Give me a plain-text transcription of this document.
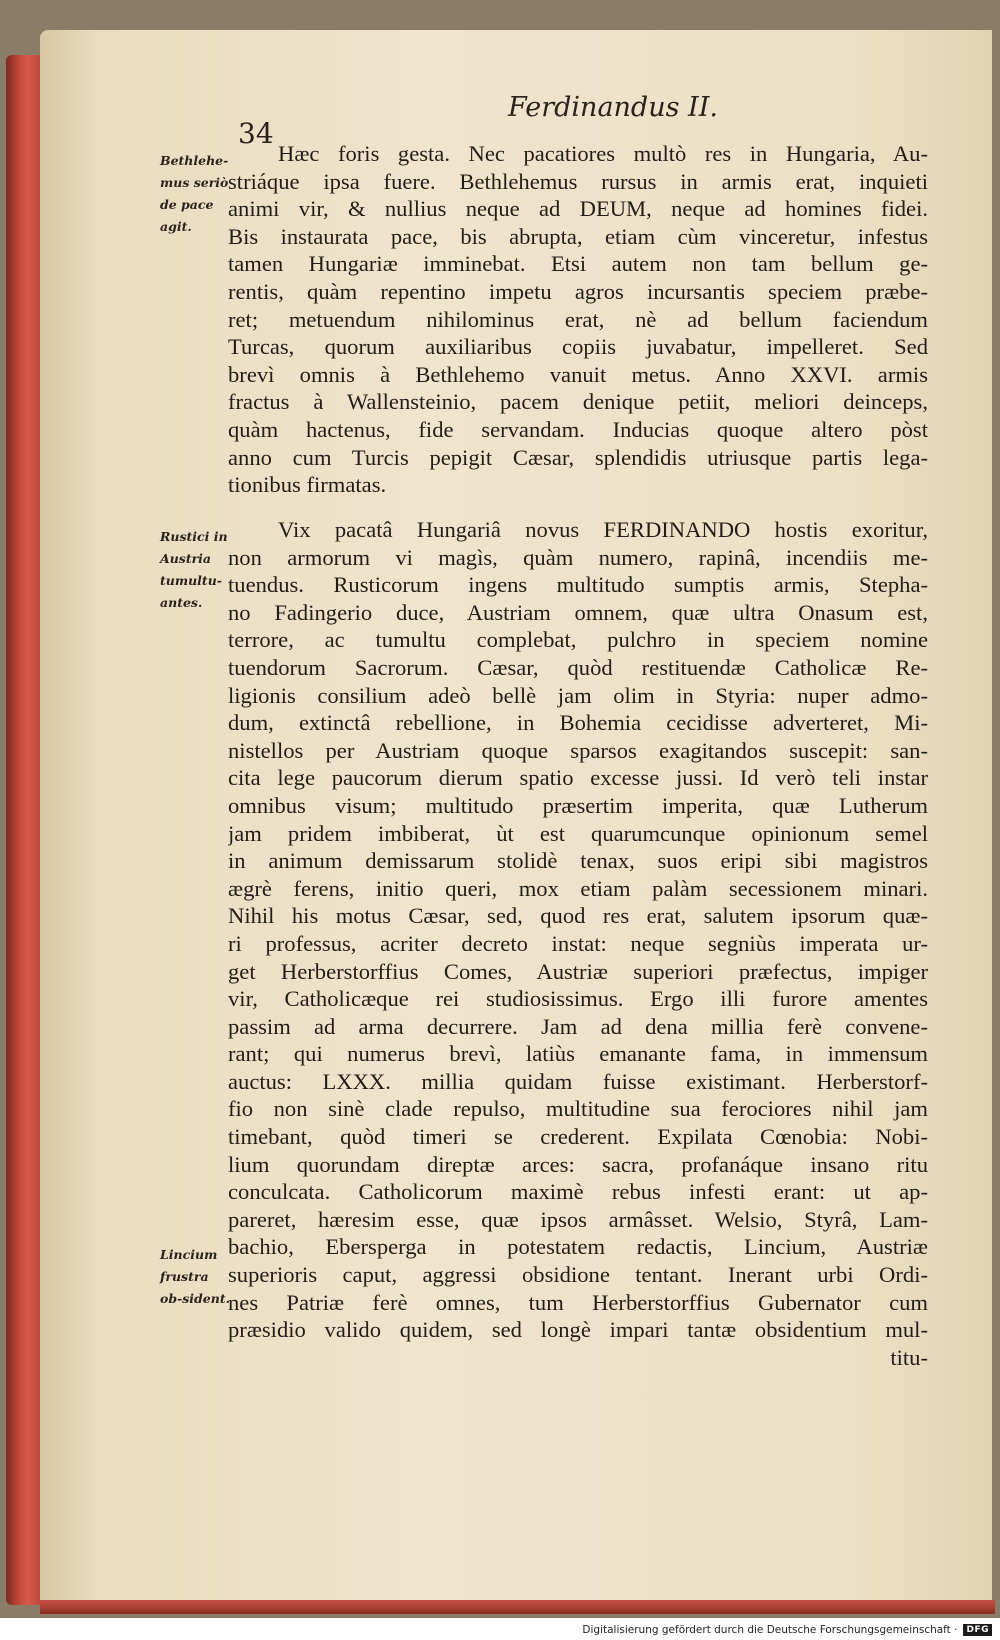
Ferdinandus II.
34
Bethlehe-mus seriò de pace agit.
Rustici in Austria tumultu-antes.
Lincium frustra ob-sident.
Hæc foris gesta. Nec pacatiores multò res in Hungaria, Au-
striáque ipsa fuere. Bethlehemus rursus in armis erat, inquieti
animi vir, & nullius neque ad DEUM, neque ad homines fidei.
Bis instaurata pace, bis abrupta, etiam cùm vinceretur, infestus
tamen Hungariæ imminebat. Etsi autem non tam bellum ge-
rentis, quàm repentino impetu agros incursantis speciem præbe-
ret; metuendum nihilominus erat, nè ad bellum faciendum
Turcas, quorum auxiliaribus copiis juvabatur, impelleret. Sed
brevì omnis à Bethlehemo vanuit metus. Anno XXVI. armis
fractus à Wallensteinio, pacem denique petiit, meliori deinceps,
quàm hactenus, fide servandam. Inducias quoque altero pòst
anno cum Turcis pepigit Cæsar, splendidis utriusque partis lega-
tionibus firmatas.
Vix pacatâ Hungariâ novus FERDINANDO hostis exoritur,
non armorum vi magìs, quàm numero, rapinâ, incendiis me-
tuendus. Rusticorum ingens multitudo sumptis armis, Stepha-
no Fadingerio duce, Austriam omnem, quæ ultra Onasum est,
terrore, ac tumultu complebat, pulchro in speciem nomine
tuendorum Sacrorum. Cæsar, quòd restituendæ Catholicæ Re-
ligionis consilium adeò bellè jam olim in Styria: nuper admo-
dum, extinctâ rebellione, in Bohemia cecidisse adverteret, Mi-
nistellos per Austriam quoque sparsos exagitandos suscepit: san-
cita lege paucorum dierum spatio excesse jussi. Id verò teli instar
omnibus visum; multitudo præsertim imperita, quæ Lutherum
jam pridem imbiberat, ùt est quarumcunque opinionum semel
in animum demissarum stolidè tenax, suos eripi sibi magistros
ægrè ferens, initio queri, mox etiam palàm secessionem minari.
Nihil his motus Cæsar, sed, quod res erat, salutem ipsorum quæ-
ri professus, acriter decreto instat: neque segniùs imperata ur-
get Herberstorffius Comes, Austriæ superiori præfectus, impiger
vir, Catholicæque rei studiosissimus. Ergo illi furore amentes
passim ad arma decurrere. Jam ad dena millia ferè convene-
rant; qui numerus brevì, latiùs emanante fama, in immensum
auctus: LXXX. millia quidam fuisse existimant. Herberstorf-
fio non sinè clade repulso, multitudine sua ferociores nihil jam
timebant, quòd timeri se crederent. Expilata Cœnobia: Nobi-
lium quorundam direptæ arces: sacra, profanáque insano ritu
conculcata. Catholicorum maximè rebus infesti erant: ut ap-
pareret, hæresim esse, quæ ipsos armâsset. Welsio, Styrâ, Lam-
bachio, Ebersperga in potestatem redactis, Lincium, Austriæ
superioris caput, aggressi obsidione tentant. Inerant urbi Ordi-
nes Patriæ ferè omnes, tum Herberstorffius Gubernator cum
præsidio valido quidem, sed longè impari tantæ obsidentium mul-
titu-
Digitalisierung gefördert durch die Deutsche Forschungsgemeinschaft ·	DFG
